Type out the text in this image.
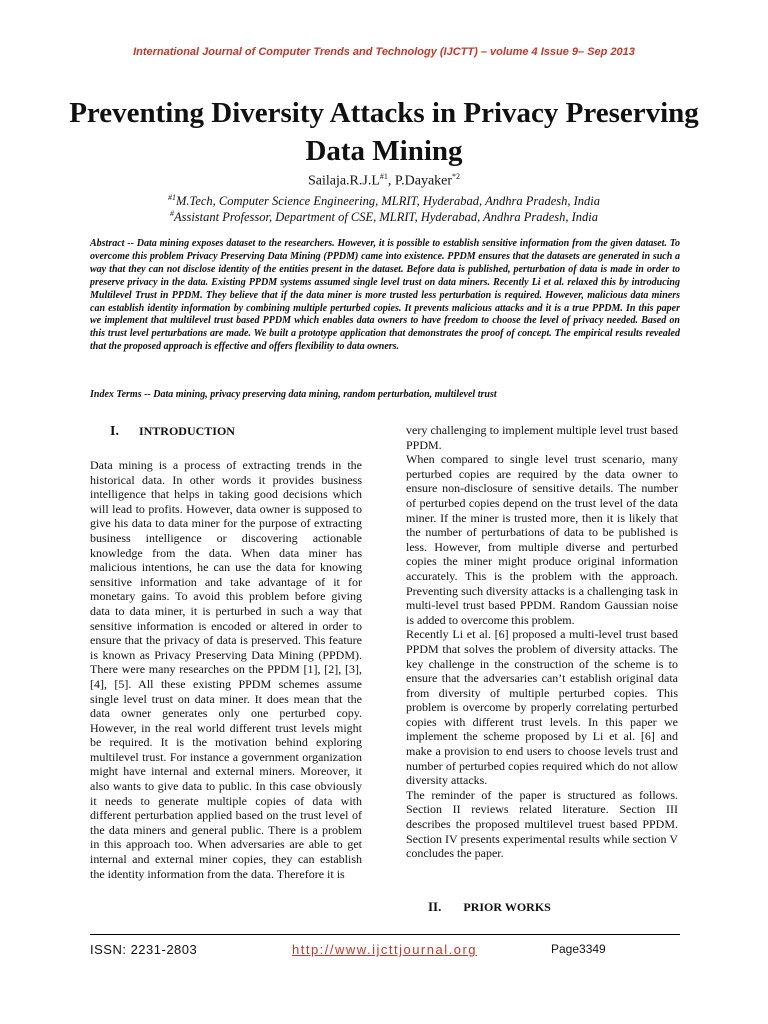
International Journal of Computer Trends and Technology (IJCTT) – volume 4 Issue 9– Sep 2013
Preventing Diversity Attacks in Privacy Preserving Data Mining
$Sailaja.R.J.L^{\#1}$, P.Dayaker$^{*2}$
$^{\#1}$M.Tech, Computer Science Engineering, MLRIT, Hyderabad, Andhra Pradesh, India
#Assistant Professor, Department of CSE, MLRIT, Hyderabad, Andhra Pradesh, India

Abstract -- Data mining exposes dataset to the researchers. However, it is possible to establish sensitive information from the given dataset. To overcome this problem Privacy Preserving Data Mining (PPDM) came into existence. PPDM ensures that the datasets are generated in such a way that they can not disclose identity of the entities present in the dataset. Before data is published, perturbation of data is made in order to preserve privacy in the data. Existing PPDM systems assumed single level trust on data miners. Recently Li et al. relaxed this by introducing Multilevel Trust in PPDM. They believe that if the data miner is more trusted less perturbation is required. However, malicious data miners can establish identity information by combining multiple perturbed copies. It prevents malicious attacks and it is a true PPDM. In this paper we implement that multilevel trust based PPDM which enables data owners to have freedom to choose the level of privacy needed. Based on this trust level perturbations are made. We built a prototype application that demonstrates the proof of concept. The empirical results revealed that the proposed approach is effective and offers flexibility to data owners.

Index Terms -- Data mining, privacy preserving data mining, random perturbation, multilevel trust

I. INTRODUCTION

Data mining is a process of extracting trends in the historical data. In other words it provides business intelligence that helps in taking good decisions which will lead to profits. However, data owner is supposed to give his data to data miner for the purpose of extracting business intelligence or discovering actionable knowledge from the data. When data miner has malicious intentions, he can use the data for knowing sensitive information and take advantage of it for monetary gains. To avoid this problem before giving data to data miner, it is perturbed in such a way that sensitive information is encoded or altered in order to ensure that the privacy of data is preserved. This feature is known as Privacy Preserving Data Mining (PPDM). There were many researches on the PPDM [1], [2], [3], [4], [5]. All these existing PPDM schemes assume single level trust on data miner. It does mean that the data owner generates only one perturbed copy. However, in the real world different trust levels might be required. It is the motivation behind exploring multilevel trust. For instance a government organization might have internal and external miners. Moreover, it also wants to give data to public. In this case obviously it needs to generate multiple copies of data with different perturbation applied based on the trust level of the data miners and general public. There is a problem in this approach too. When adversaries are able to get internal and external miner copies, they can establish the identity information from the data. Therefore it is

very challenging to implement multiple level trust based PPDM.

When compared to single level trust scenario, many perturbed copies are required by the data owner to ensure non-disclosure of sensitive details. The number of perturbed copies depend on the trust level of the data miner. If the miner is trusted more, then it is likely that the number of perturbations of data to be published is less. However, from multiple diverse and perturbed copies the miner might produce original information accurately. This is the problem with the approach. Preventing such diversity attacks is a challenging task in multi-level trust based PPDM. Random Gaussian noise is added to overcome this problem.

Recently Li et al. [6] proposed a multi-level trust based PPDM that solves the problem of diversity attacks. The key challenge in the construction of the scheme is to ensure that the adversaries can’t establish original data from diversity of multiple perturbed copies. This problem is overcome by properly correlating perturbed copies with different trust levels. In this paper we implement the scheme proposed by Li et al. [6] and make a provision to end users to choose levels trust and number of perturbed copies required which do not allow diversity attacks.

The reminder of the paper is structured as follows. Section II reviews related literature. Section III describes the proposed multilevel truest based PPDM. Section IV presents experimental results while section V concludes the paper.

II. PRIOR WORKS
ISSN: 2231-2803	http://www.ijcttjournal.org	Page3349
